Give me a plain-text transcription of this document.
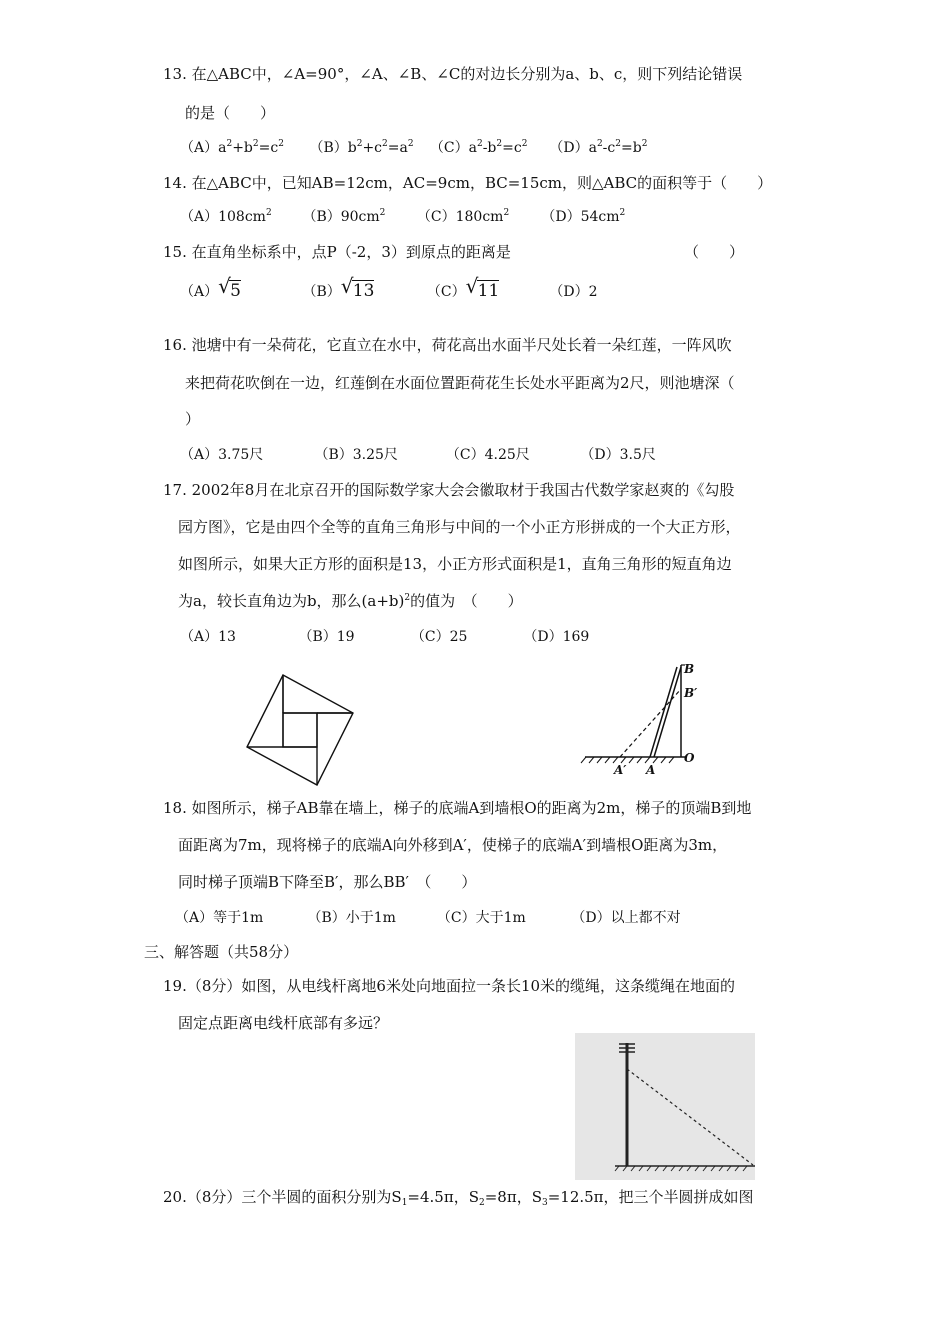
13. 在△ABC中，∠A=90°，∠A、∠B、∠C的对边长分别为a、b、c，则下列结论错误
的是（　　）
$(A)a^2+b^2=c^2$ $(B)b^2+c^2=a^2$ $(C)a^2-b^2=c^2$ $(D)a^2-c^2=b^2$
14. 在△ABC中，已知AB=12cm，AC=9cm，BC=15cm，则△ABC的面积等于（　　）
$(A)108cm^2$ $(B)90cm^2$ $(C)180cm^2$ $(D)54cm^2$
15. 在直角坐标系中，点P（-2，3）到原点的距离是	（　　）
（A） √ 5	（B） √ 13	（C） √ 11	（D）2
16. 池塘中有一朵荷花，它直立在水中，荷花高出水面半尺处长着一朵红莲，一阵风吹
来把荷花吹倒在一边，红莲倒在水面位置距荷花生长处水平距离为2尺，则池塘深（
）
（A）3.75尺	（B）3.25尺	（C）4.25尺	（D）3.5尺
17. 2002年8月在北京召开的国际数学家大会会徽取材于我国古代数学家赵爽的《勾股
园方图》，它是由四个全等的直角三角形与中间的一个小正方形拼成的一个大正方形，
如图所示，如果大正方形的面积是13，小正方形式面积是1，直角三角形的短直角边
为a，较长直角边为b，那么$(a+b)^2$的值为　（　　）
（A）13	（B）19	（C）25	（D）169
B
B′
A′ A
O
18. 如图所示，梯子AB靠在墙上，梯子的底端A到墙根O的距离为2m，梯子的顶端B到地
面距离为7m，现将梯子的底端A向外移到A′，使梯子的底端A′到墙根O距离为3m，
同时梯子顶端B下降至B′，那么BB′　（　　）
（A）等于1m	（B）小于1m	（C）大于1m	（D）以上都不对
三、解答题（共58分）
19.（8分）如图，从电线杆离地6米处向地面拉一条长10米的缆绳，这条缆绳在地面的
固定点距离电线杆底部有多远？
20.（8分）三个半圆的面积分别为$S_1=4.5\pi$，$S_2=8\pi$，$S_3=12.5\pi$，把三个半圆拼成如图
